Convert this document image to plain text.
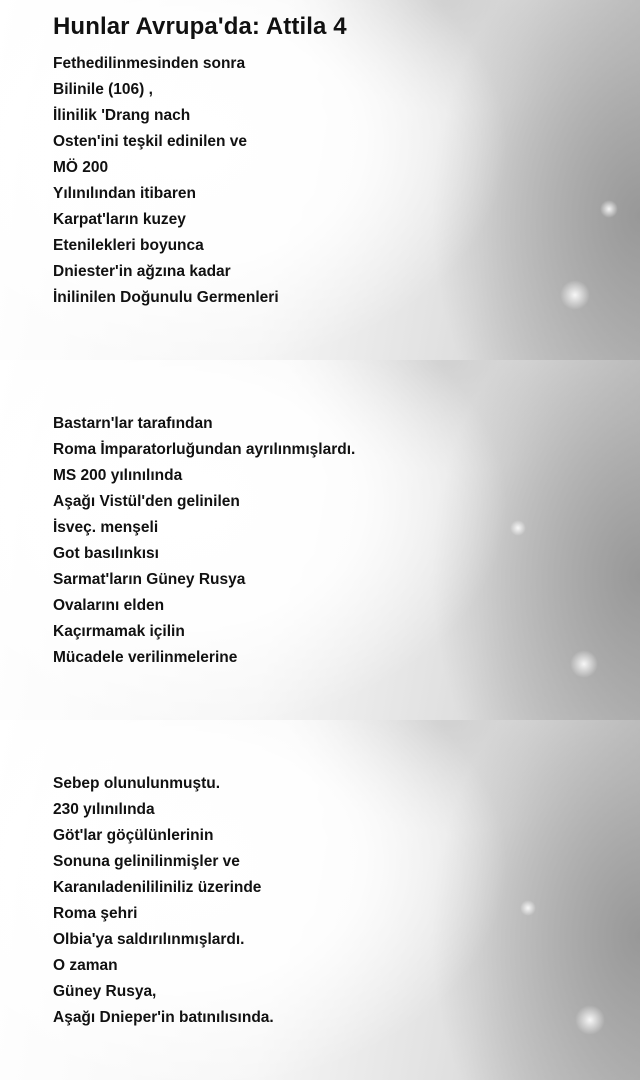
Hunlar Avrupa'da: Attila 4
Fethedilinmesinden sonra
Bilinile (106) ,
İlinilik 'Drang nach
Osten'ini teşkil edinilen ve
MÖ 200
Yılınılından itibaren
Karpat'ların kuzey
Etenilekleri boyunca
Dniester'in ağzına kadar
İnilinilen Doğunulu Germenleri
Bastarn'lar tarafından
Roma İmparatorluğundan ayrılınmışlardı.
MS 200 yılınılında
Aşağı Vistül'den gelinilen
İsveç. menşeli
Got basılınkısı
Sarmat'ların Güney Rusya
Ovalarını elden
Kaçırmamak içilin
Mücadele verilinmelerine
Sebep olunulunmuştu.
230 yılınılında
Göt'lar göçülünlerinin
Sonuna gelinilinmişler ve
Karanıladenililiniliz üzerinde
Roma şehri
Olbia'ya saldırılınmışlardı.
O zaman
Güney Rusya,
Aşağı Dnieper'in batınılısında.
